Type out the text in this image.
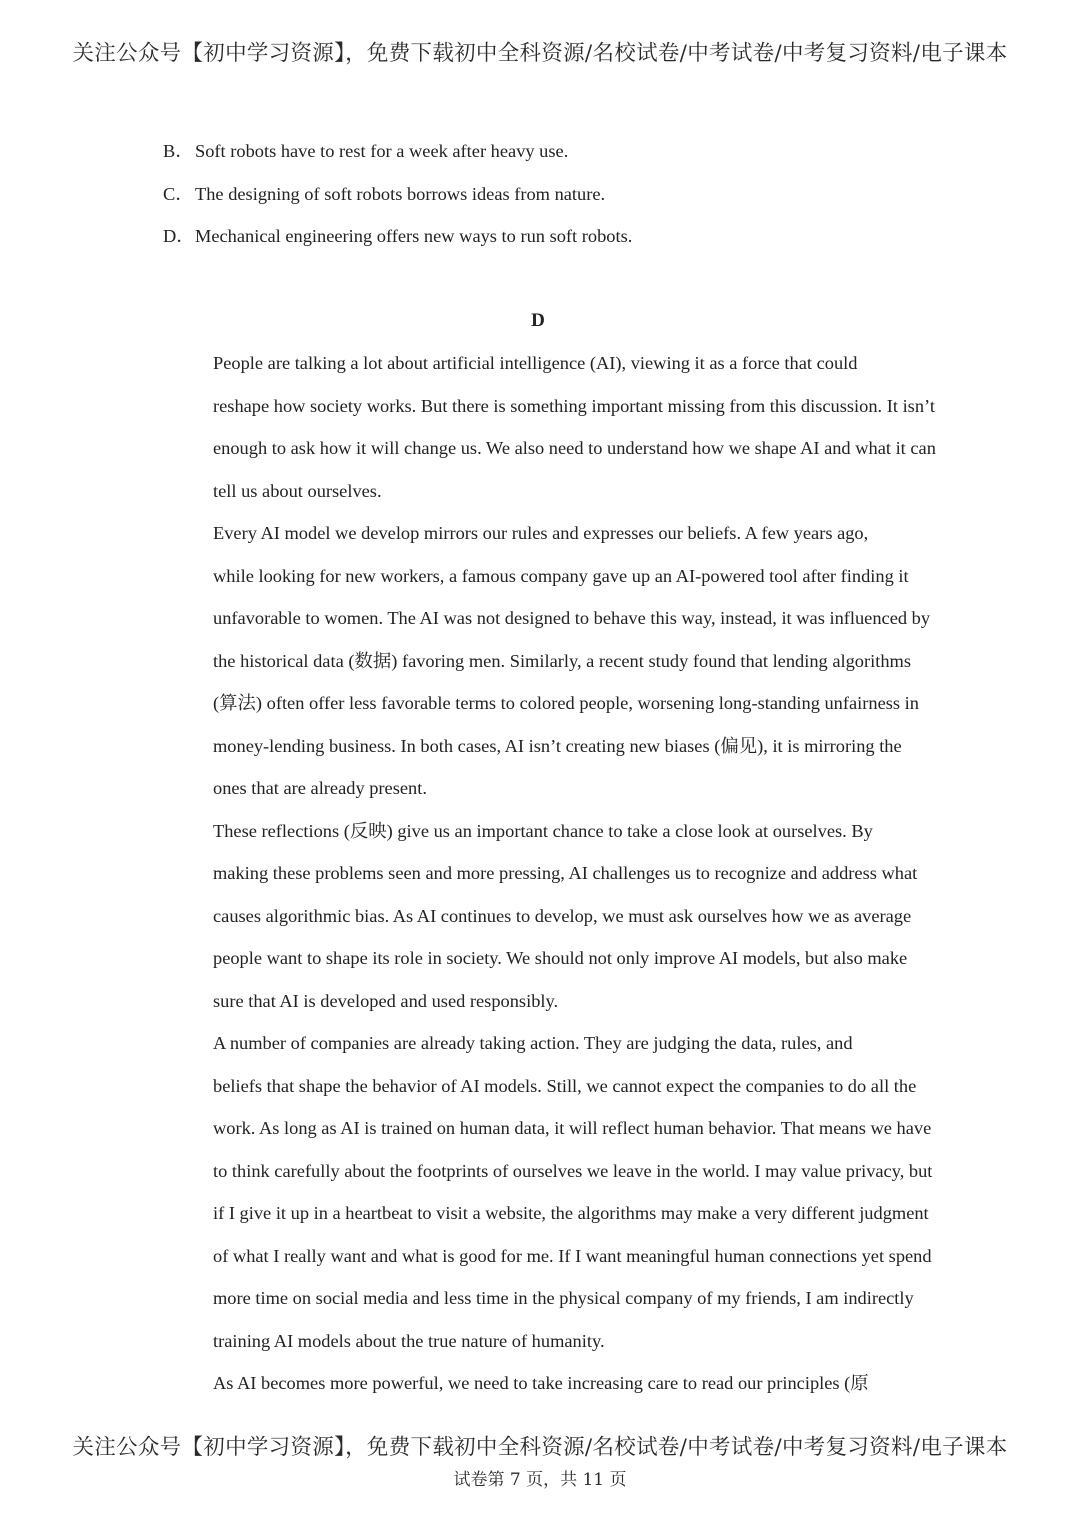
关注公众号【初中学习资源】，免费下载初中全科资源/名校试卷/中考试卷/中考复习资料/电子课本
B．Soft robots have to rest for a week after heavy use.
C．The designing of soft robots borrows ideas from nature.
D．Mechanical engineering offers new ways to run soft robots.
D
People are talking a lot about artificial intelligence (AI), viewing it as a force that could
reshape how society works. But there is something important missing from this discussion. It isn’t
enough to ask how it will change us. We also need to understand how we shape AI and what it can
tell us about ourselves.
Every AI model we develop mirrors our rules and expresses our beliefs. A few years ago,
while looking for new workers, a famous company gave up an AI-powered tool after finding it
unfavorable to women. The AI was not designed to behave this way, instead, it was influenced by
the historical data (数据) favoring men. Similarly, a recent study found that lending algorithms
(算法) often offer less favorable terms to colored people, worsening long-standing unfairness in
money-lending business. In both cases, AI isn’t creating new biases (偏见), it is mirroring the
ones that are already present.
These reflections (反映) give us an important chance to take a close look at ourselves. By
making these problems seen and more pressing, AI challenges us to recognize and address what
causes algorithmic bias. As AI continues to develop, we must ask ourselves how we as average
people want to shape its role in society. We should not only improve AI models, but also make
sure that AI is developed and used responsibly.
A number of companies are already taking action. They are judging the data, rules, and
beliefs that shape the behavior of AI models. Still, we cannot expect the companies to do all the
work. As long as AI is trained on human data, it will reflect human behavior. That means we have
to think carefully about the footprints of ourselves we leave in the world. I may value privacy, but
if I give it up in a heartbeat to visit a website, the algorithms may make a very different judgment
of what I really want and what is good for me. If I want meaningful human connections yet spend
more time on social media and less time in the physical company of my friends, I am indirectly
training AI models about the true nature of humanity.
As AI becomes more powerful, we need to take increasing care to read our principles (原
关注公众号【初中学习资源】，免费下载初中全科资源/名校试卷/中考试卷/中考复习资料/电子课本
试卷第 7 页，共 11 页
